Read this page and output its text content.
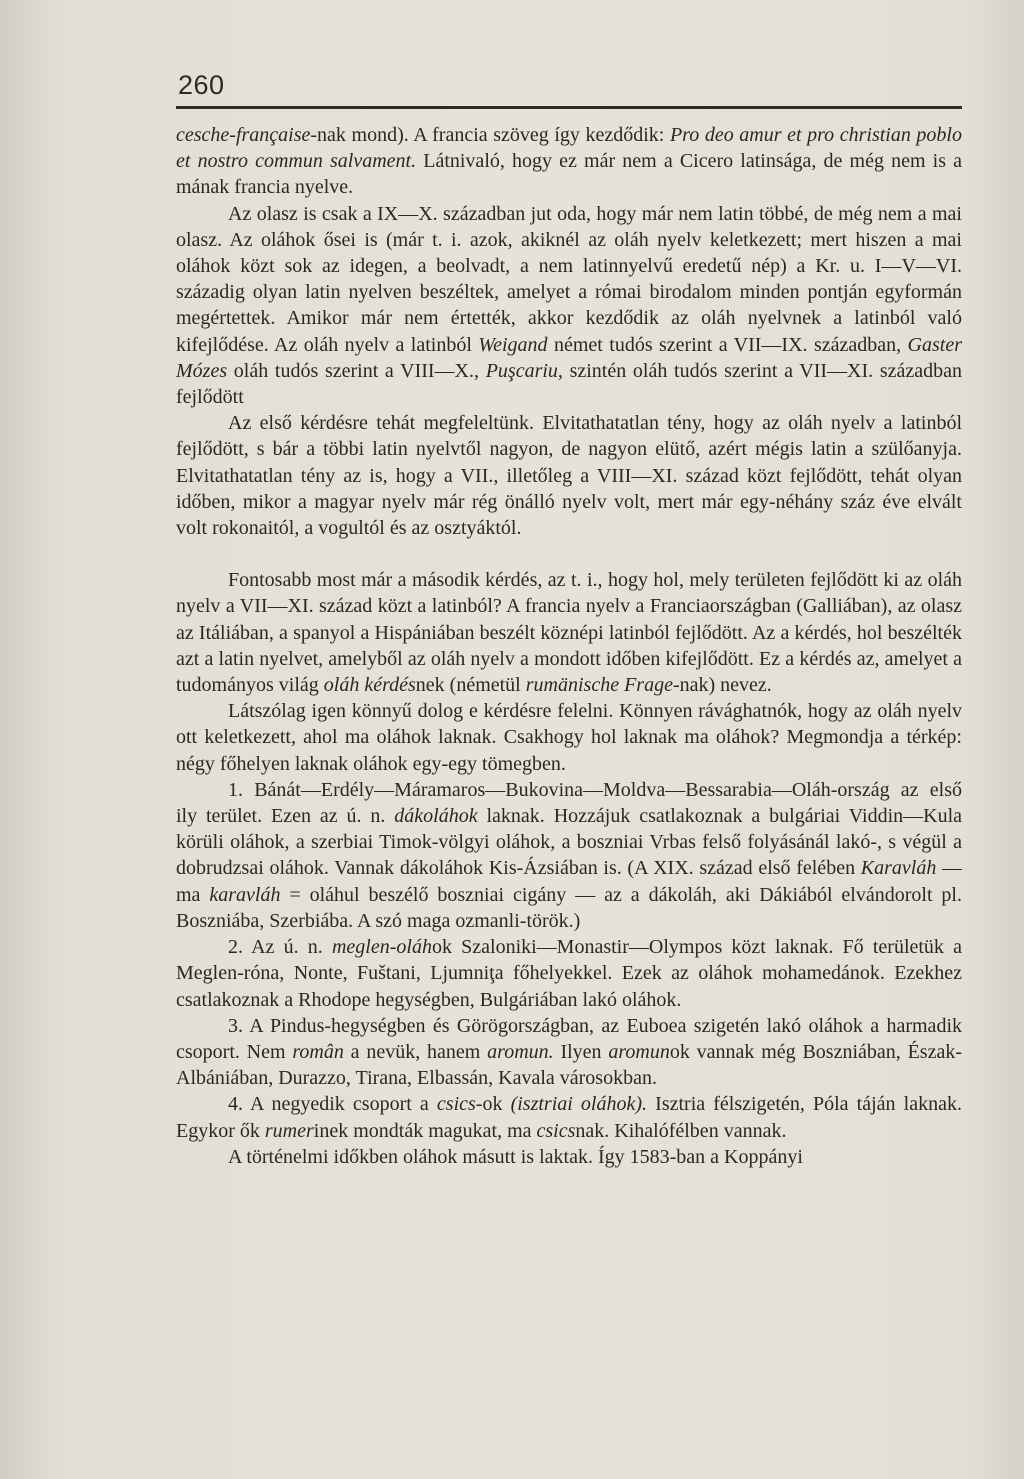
260

cesche-française-nak mond). A francia szöveg így kezdődik: Pro deo amur et pro christian poblo et nostro commun salvament. Látnivaló, hogy ez már nem a Cicero latinsága, de még nem is a mának francia nyelve.

Az olasz is csak a IX—X. században jut oda, hogy már nem latin többé, de még nem a mai olasz. Az oláhok ősei is (már t. i. azok, akiknél az oláh nyelv keletkezett; mert hiszen a mai oláhok közt sok az idegen, a beolvadt, a nem latinnyelvű eredetű nép) a Kr. u. I—V—VI. századig olyan latin nyelven beszéltek, amelyet a római birodalom minden pontján egyformán megértettek. Amikor már nem értették, akkor kezdődik az oláh nyelvnek a latinból való kifejlődése. Az oláh nyelv a latinból Weigand német tudós szerint a VII—IX. században, Gaster Mózes oláh tudós szerint a VIII—X., Puşcariu, szintén oláh tudós szerint a VII—XI. században fejlődött

Az első kérdésre tehát megfeleltünk. Elvitathatatlan tény, hogy az oláh nyelv a latinból fejlődött, s bár a többi latin nyelvtől nagyon, de nagyon elütő, azért mégis latin a szülőanyja. Elvitathatatlan tény az is, hogy a VII., illetőleg a VIII—XI. század közt fejlődött, tehát olyan időben, mikor a magyar nyelv már rég önálló nyelv volt, mert már egy-néhány száz éve elvált volt rokonaitól, a vogultól és az osztyáktól.

Fontosabb most már a második kérdés, az t. i., hogy hol, mely területen fejlődött ki az oláh nyelv a VII—XI. század közt a latinból? A francia nyelv a Franciaországban (Galliában), az olasz az Itáliában, a spanyol a Hispániában beszélt köznépi latinból fejlődött. Az a kérdés, hol beszélték azt a latin nyelvet, amelyből az oláh nyelv a mondott időben kifejlődött. Ez a kérdés az, amelyet a tudományos világ oláh kérdésnek (németül rumänische Frage-nak) nevez.

Látszólag igen könnyű dolog e kérdésre felelni. Könnyen rávághatnók, hogy az oláh nyelv ott keletkezett, ahol ma oláhok laknak. Csakhogy hol laknak ma oláhok? Megmondja a térkép: négy főhelyen laknak oláhok egy-egy tömegben.

1. Bánát—Erdély—Máramaros—Bukovina—Moldva—Bessarabia—Oláh-ország az első ily terület. Ezen az ú. n. dákoláhok laknak. Hozzájuk csatlakoznak a bulgáriai Viddin—Kula körüli oláhok, a szerbiai Timok-völgyi oláhok, a boszniai Vrbas felső folyásánál lakó-, s végül a dobrudzsai oláhok. Vannak dákoláhok Kis-Ázsiában is. (A XIX. század első felében Karavláh — ma karavláh = oláhul beszélő boszniai cigány — az a dákoláh, aki Dákiából elvándorolt pl. Boszniába, Szerbiába. A szó maga ozmanli-török.)

2. Az ú. n. meglen-oláhok Szaloniki—Monastir—Olympos közt laknak. Fő területük a Meglen-róna, Nonte, Fuštani, Ljumniţa főhelyekkel. Ezek az oláhok mohamedánok. Ezekhez csatlakoznak a Rhodope hegységben, Bulgáriában lakó oláhok.

3. A Pindus-hegységben és Görögországban, az Euboea szigetén lakó oláhok a harmadik csoport. Nem român a nevük, hanem aromun. Ilyen aromunok vannak még Boszniában, Észak-Albániában, Durazzo, Tirana, Elbassán, Kavala városokban.

4. A negyedik csoport a csics-ok (isztriai oláhok). Isztria félszigetén, Póla táján laknak. Egykor ők rumerinek mondták magukat, ma csicsnak. Kihalófélben vannak.

A történelmi időkben oláhok másutt is laktak. Így 1583-ban a Koppányi
